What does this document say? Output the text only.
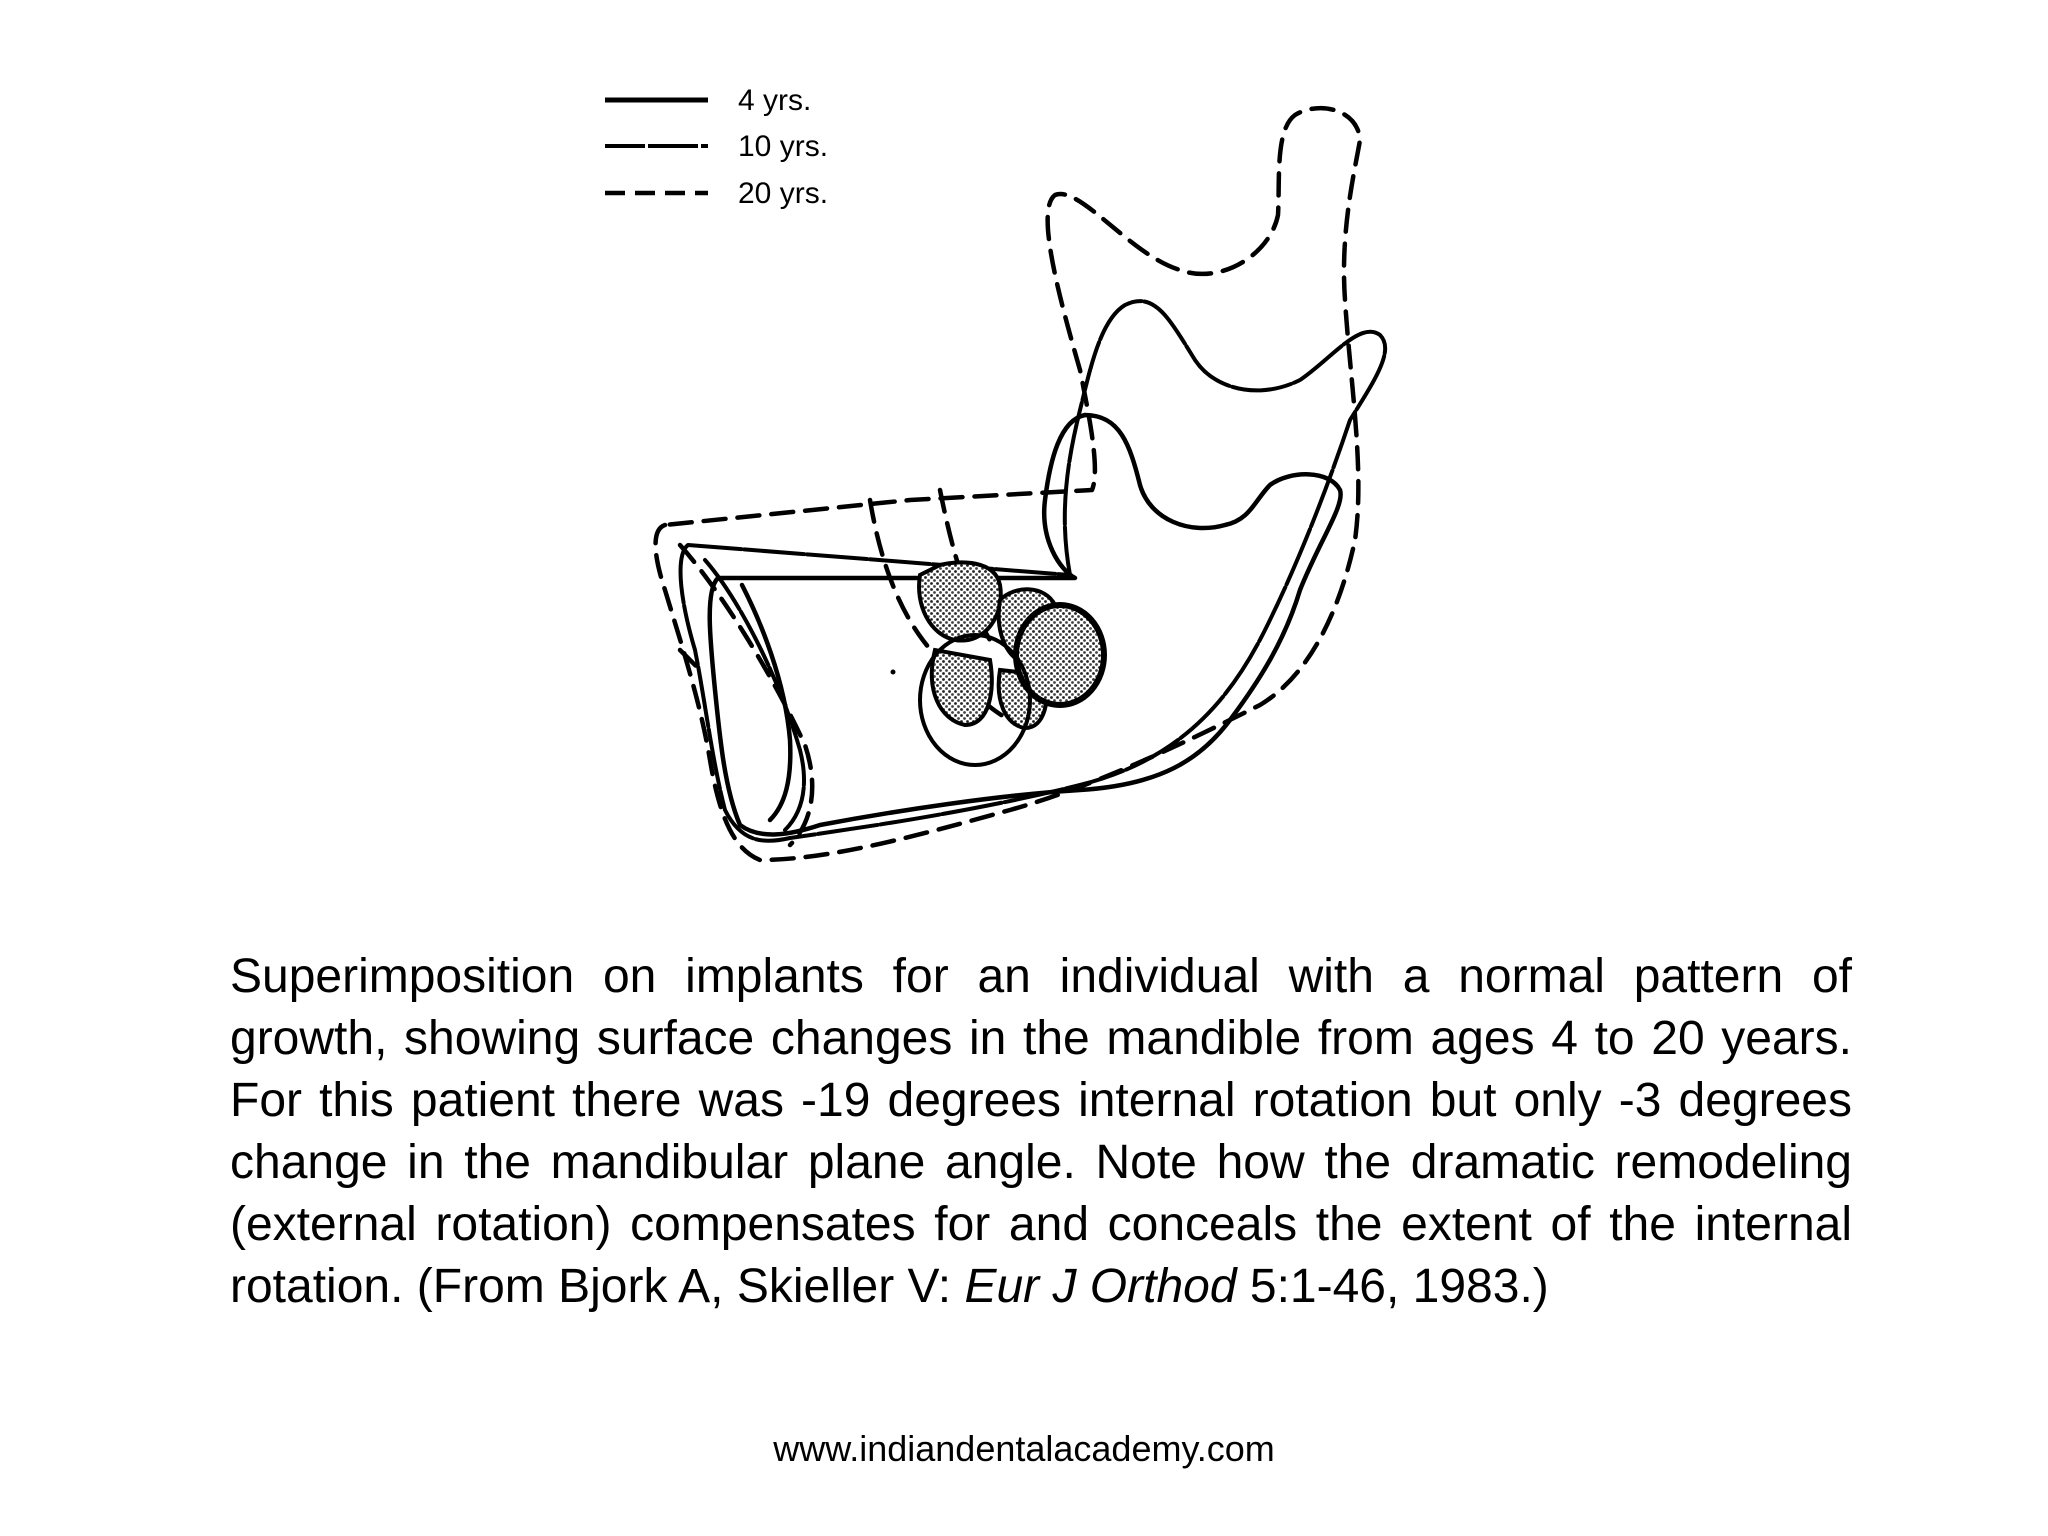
4 yrs.
10 yrs.
20 yrs.
Superimposition on implants for an individual with a normal pattern of growth, showing surface changes in the mandible from ages 4 to 20 years. For this patient there was -19 degrees internal rotation but only -3 degrees change in the mandibular plane angle. Note how the dramatic remodeling (external rotation) compensates for and conceals the extent of the internal rotation. (From Bjork A, Skieller V: Eur J Orthod 5:1-46, 1983.)
www.indiandentalacademy.com
